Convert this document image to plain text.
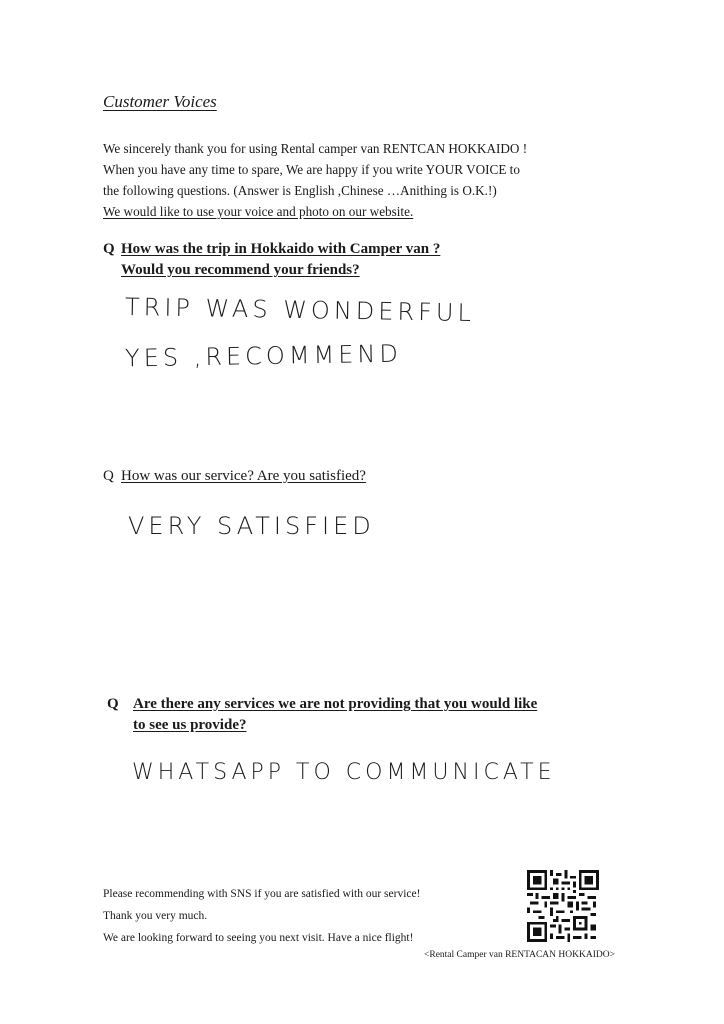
Customer Voices
We sincerely thank you for using Rental camper van RENTCAN HOKKAIDO !
When you have any time to spare, We are happy if you write YOUR VOICE to
the following questions. (Answer is English ,Chinese …Anithing is O.K.!)
We would like to use your voice and photo on our website.
Q How was the trip in Hokkaido with Camper van ?
Would you recommend your friends?
TRIP WAS WONDERFUL
YES ,RECOMMEND
Q How was our service? Are you satisfied?
VERY SATISFIED
Q Are there any services we are not providing that you would like
to see us provide?
WHATSAPP TO COMMUNICATE
Please recommending with SNS if you are satisfied with our service!
Thank you very much.
We are looking forward to seeing you next visit. Have a nice flight!
<Rental Camper van RENTACAN HOKKAIDO>
